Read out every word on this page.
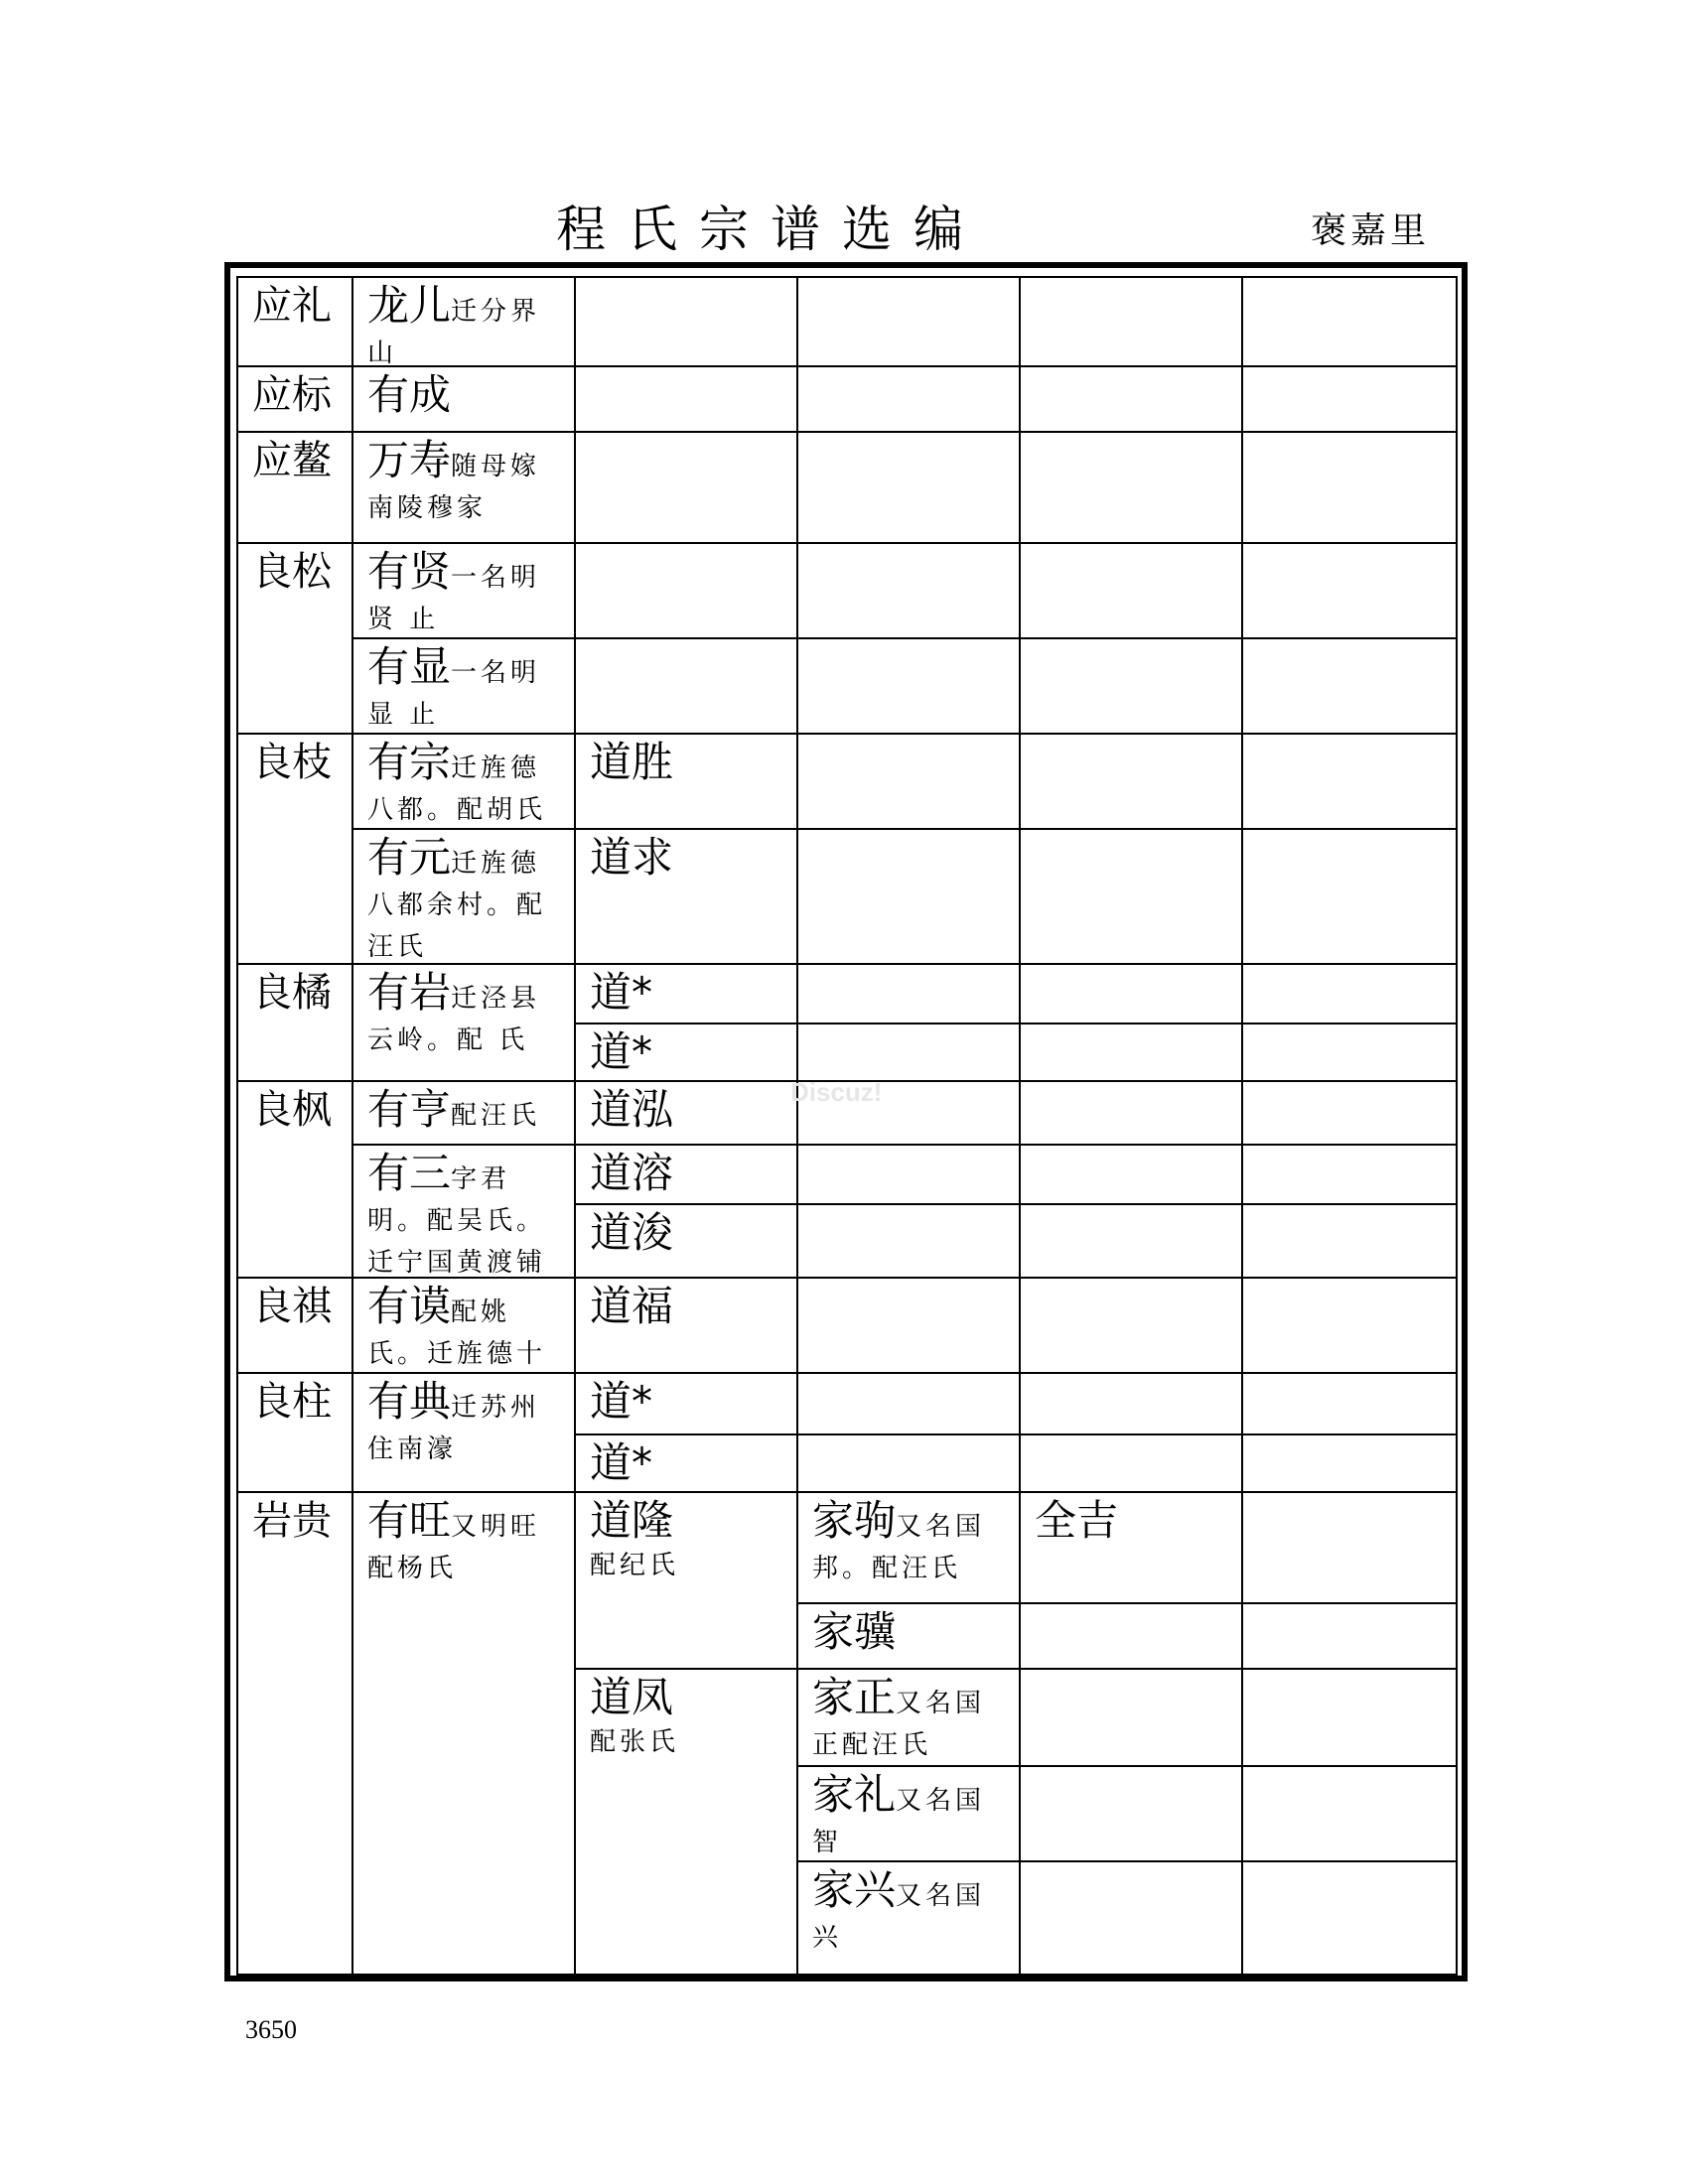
程氏宗谱选编	褒嘉里
应礼 龙儿迁分界山
应标 有成
应鳌 万寿随母嫁南陵穆家
良松 有贤一名明贤 止
有显一名明显 止
良枝 有宗迁旌德八都。配胡氏
道胜
有元迁旌德八都余村。配汪氏
道求
良橘 有岩迁泾县云岭。配 氏
道*
道*
良枫 有亨配汪氏	道泓
有三字君明。配吴氏。迁宁国黄渡铺
道溶
道浚
良祺 有谟配姚氏。迁旌德十
道福
良柱 有典迁苏州住南濠
道*
道*
岩贵 有旺又明旺配杨氏
道隆
配纪氏
道凤
配张氏
家驹又名国邦。配汪氏
全吉
家骥
家正又名国正配汪氏
家礼又名国智
家兴又名国兴
Discuz!
3650
